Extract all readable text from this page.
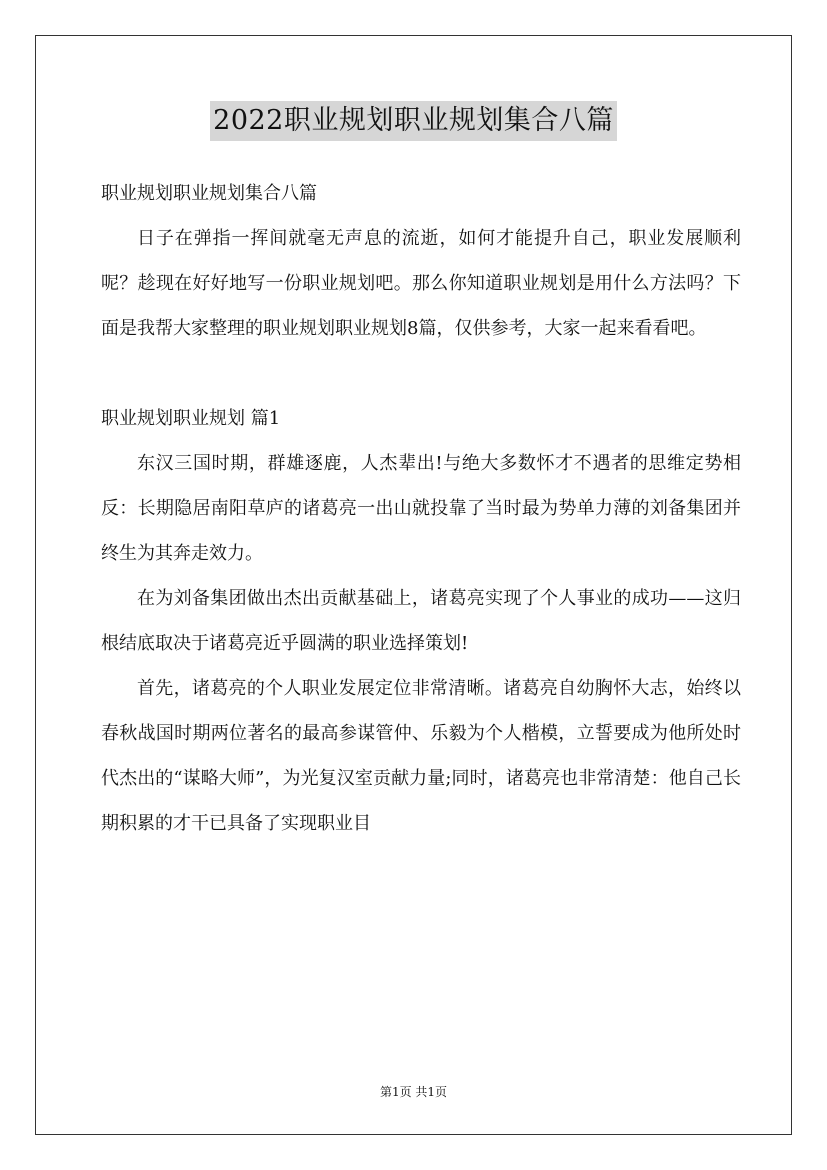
2022职业规划职业规划集合八篇

职业规划职业规划集合八篇

日子在弹指一挥间就毫无声息的流逝，如何才能提升自己，职业发展顺利呢？趁现在好好地写一份职业规划吧。那么你知道职业规划是用什么方法吗？下面是我帮大家整理的职业规划职业规划8篇，仅供参考，大家一起来看看吧。

职业规划职业规划 篇1

东汉三国时期，群雄逐鹿，人杰辈出!与绝大多数怀才不遇者的思维定势相反：长期隐居南阳草庐的诸葛亮一出山就投靠了当时最为势单力薄的刘备集团并终生为其奔走效力。

在为刘备集团做出杰出贡献基础上，诸葛亮实现了个人事业的成功——这归根结底取决于诸葛亮近乎圆满的职业选择策划!

首先，诸葛亮的个人职业发展定位非常清晰。诸葛亮自幼胸怀大志，始终以春秋战国时期两位著名的最高参谋管仲、乐毅为个人楷模，立誓要成为他所处时代杰出的“谋略大师”，为光复汉室贡献力量;同时，诸葛亮也非常清楚：他自己长期积累的才干已具备了实现职业目

第1页 共1页
